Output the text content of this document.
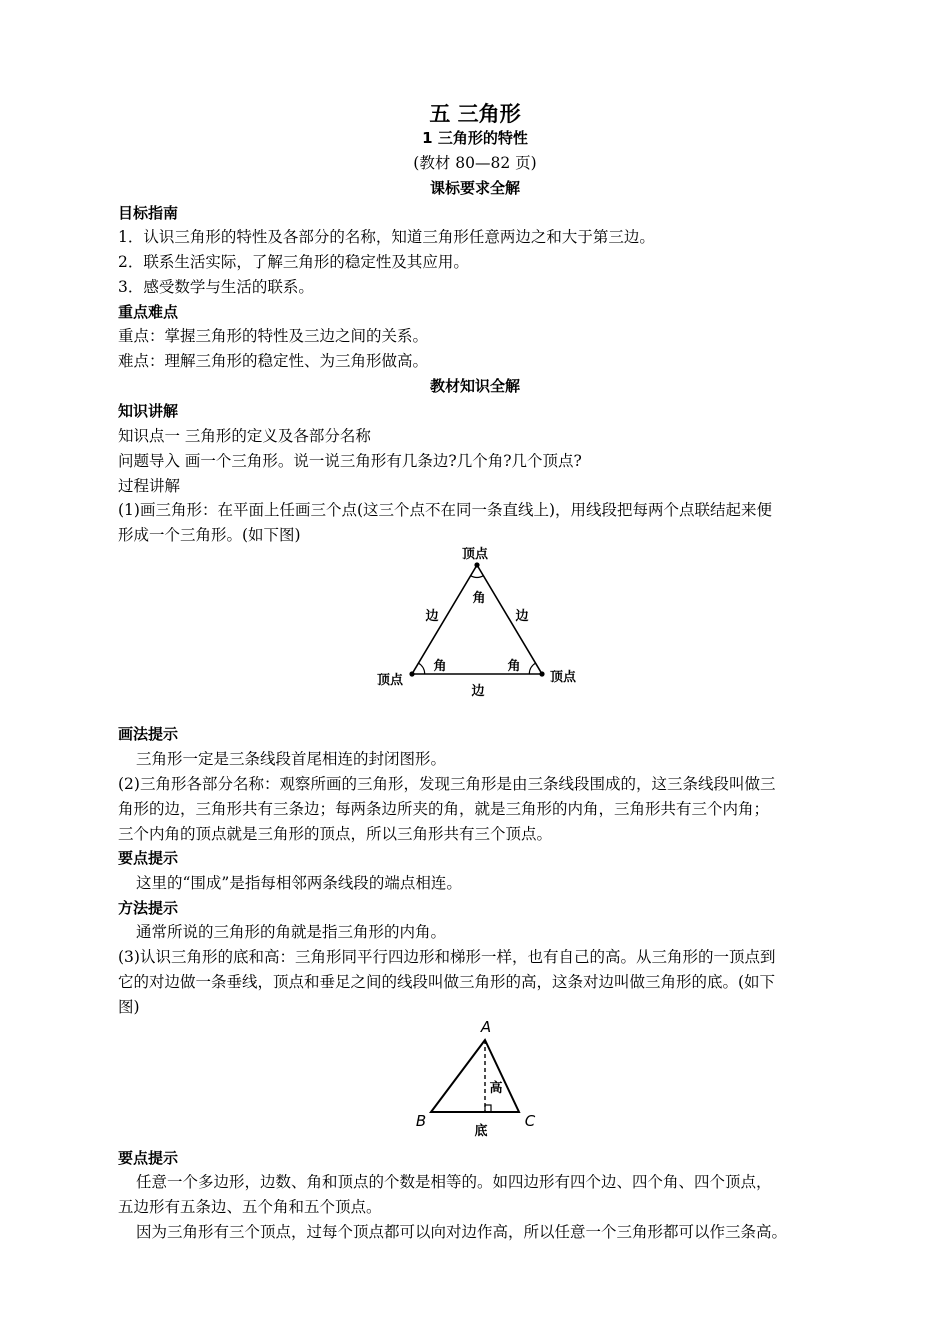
五 三角形
1 三角形的特性
(教材 80—82 页)
课标要求全解
目标指南
1．认识三角形的特性及各部分的名称，知道三角形任意两边之和大于第三边。
2．联系生活实际，了解三角形的稳定性及其应用。
3．感受数学与生活的联系。
重点难点
重点：掌握三角形的特性及三边之间的关系。
难点：理解三角形的稳定性、为三角形做高。
教材知识全解
知识讲解
知识点一 三角形的定义及各部分名称
问题导入 画一个三角形。说一说三角形有几条边?几个角?几个顶点?
过程讲解
(1)画三角形：在平面上任画三个点(这三个点不在同一条直线上)，用线段把每两个点联结起来便
形成一个三角形。(如下图)
顶点
顶点	顶点
边	边
边
角
角	角
画法提示
三角形一定是三条线段首尾相连的封闭图形。
(2)三角形各部分名称：观察所画的三角形，发现三角形是由三条线段围成的，这三条线段叫做三
角形的边，三角形共有三条边；每两条边所夹的角，就是三角形的内角，三角形共有三个内角；
三个内角的顶点就是三角形的顶点，所以三角形共有三个顶点。
要点提示
这里的“围成”是指每相邻两条线段的端点相连。
方法提示
通常所说的三角形的角就是指三角形的内角。
(3)认识三角形的底和高：三角形同平行四边形和梯形一样，也有自己的高。从三角形的一顶点到
它的对边做一条垂线，顶点和垂足之间的线段叫做三角形的高，这条对边叫做三角形的底。(如下
图)
A
B	C
高
底
要点提示
任意一个多边形，边数、角和顶点的个数是相等的。如四边形有四个边、四个角、四个顶点，
五边形有五条边、五个角和五个顶点。
因为三角形有三个顶点，过每个顶点都可以向对边作高，所以任意一个三角形都可以作三条高。
